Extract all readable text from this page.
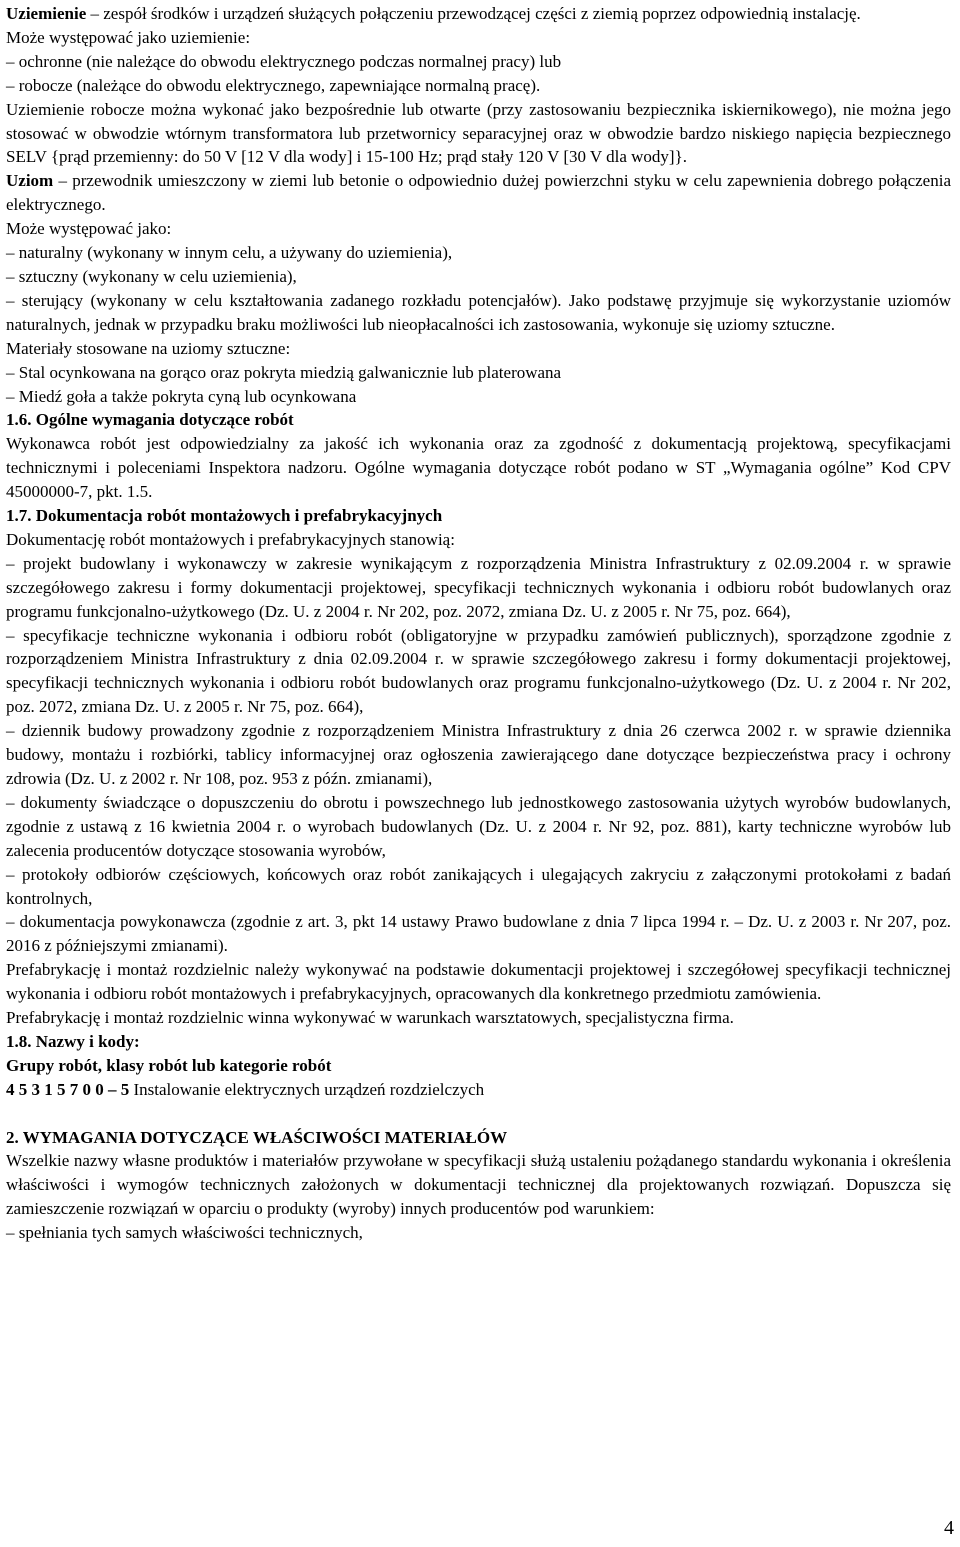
Uziemienie – zespół środków i urządzeń służących połączeniu przewodzącej części z ziemią poprzez odpowiednią instalację.

Może występować jako uziemienie:

– ochronne (nie należące do obwodu elektrycznego podczas normalnej pracy) lub

– robocze (należące do obwodu elektrycznego, zapewniające normalną pracę).

Uziemienie robocze można wykonać jako bezpośrednie lub otwarte (przy zastosowaniu bezpiecznika iskiernikowego), nie można jego stosować w obwodzie wtórnym transformatora lub przetwornicy separacyjnej oraz w obwodzie bardzo niskiego napięcia bezpiecznego SELV {prąd przemienny: do 50 V [12 V dla wody] i 15-100 Hz; prąd stały 120 V [30 V dla wody]}.

Uziom – przewodnik umieszczony w ziemi lub betonie o odpowiednio dużej powierzchni styku w celu zapewnienia dobrego połączenia elektrycznego.

Może występować jako:

– naturalny (wykonany w innym celu, a używany do uziemienia),

– sztuczny (wykonany w celu uziemienia),

– sterujący (wykonany w celu kształtowania zadanego rozkładu potencjałów). Jako podstawę przyjmuje się wykorzystanie uziomów naturalnych, jednak w przypadku braku możliwości lub nieopłacalności ich zastosowania, wykonuje się uziomy sztuczne.

Materiały stosowane na uziomy sztuczne:

– Stal ocynkowana na gorąco oraz pokryta miedzią galwanicznie lub platerowana

– Miedź goła a także pokryta cyną lub ocynkowana

1.6. Ogólne wymagania dotyczące robót

Wykonawca robót jest odpowiedzialny za jakość ich wykonania oraz za zgodność z dokumentacją projektową, specyfikacjami technicznymi i poleceniami Inspektora nadzoru. Ogólne wymagania dotyczące robót podano w ST „Wymagania ogólne” Kod CPV 45000000-7, pkt. 1.5.

1.7. Dokumentacja robót montażowych i prefabrykacyjnych

Dokumentację robót montażowych i prefabrykacyjnych stanowią:

– projekt budowlany i wykonawczy w zakresie wynikającym z rozporządzenia Ministra Infrastruktury z 02.09.2004 r. w sprawie szczegółowego zakresu i formy dokumentacji projektowej, specyfikacji technicznych wykonania i odbioru robót budowlanych oraz programu funkcjonalno-użytkowego (Dz. U. z 2004 r. Nr 202, poz. 2072, zmiana Dz. U. z 2005 r. Nr 75, poz. 664),

– specyfikacje techniczne wykonania i odbioru robót (obligatoryjne w przypadku zamówień publicznych), sporządzone zgodnie z rozporządzeniem Ministra Infrastruktury z dnia 02.09.2004 r. w sprawie szczegółowego zakresu i formy dokumentacji projektowej, specyfikacji technicznych wykonania i odbioru robót budowlanych oraz programu funkcjonalno-użytkowego (Dz. U. z 2004 r. Nr 202, poz. 2072, zmiana Dz. U. z 2005 r. Nr 75, poz. 664),

– dziennik budowy prowadzony zgodnie z rozporządzeniem Ministra Infrastruktury z dnia 26 czerwca 2002 r. w sprawie dziennika budowy, montażu i rozbiórki, tablicy informacyjnej oraz ogłoszenia zawierającego dane dotyczące bezpieczeństwa pracy i ochrony zdrowia (Dz. U. z 2002 r. Nr 108, poz. 953 z późn. zmianami),

– dokumenty świadczące o dopuszczeniu do obrotu i powszechnego lub jednostkowego zastosowania użytych wyrobów budowlanych, zgodnie z ustawą z 16 kwietnia 2004 r. o wyrobach budowlanych (Dz. U. z 2004 r. Nr 92, poz. 881), karty techniczne wyrobów lub zalecenia producentów dotyczące stosowania wyrobów,

– protokoły odbiorów częściowych, końcowych oraz robót zanikających i ulegających zakryciu z załączonymi protokołami z badań kontrolnych,

– dokumentacja powykonawcza (zgodnie z art. 3, pkt 14 ustawy Prawo budowlane z dnia 7 lipca 1994 r. – Dz. U. z 2003 r. Nr 207, poz. 2016 z późniejszymi zmianami).

Prefabrykację i montaż rozdzielnic należy wykonywać na podstawie dokumentacji projektowej i szczegółowej specyfikacji technicznej wykonania i odbioru robót montażowych i prefabrykacyjnych, opracowanych dla konkretnego przedmiotu zamówienia.

Prefabrykację i montaż rozdzielnic winna wykonywać w warunkach warsztatowych, specjalistyczna firma.

1.8. Nazwy i kody:

Grupy robót, klasy robót lub kategorie robót

4 5 3 1 5 7 0 0 – 5 Instalowanie elektrycznych urządzeń rozdzielczych

2. WYMAGANIA DOTYCZĄCE WŁAŚCIWOŚCI MATERIAŁÓW

Wszelkie nazwy własne produktów i materiałów przywołane w specyfikacji służą ustaleniu pożądanego standardu wykonania i określenia właściwości i wymogów technicznych założonych w dokumentacji technicznej dla projektowanych rozwiązań. Dopuszcza się zamieszczenie rozwiązań w oparciu o produkty (wyroby) innych producentów pod warunkiem:

– spełniania tych samych właściwości technicznych,

4
